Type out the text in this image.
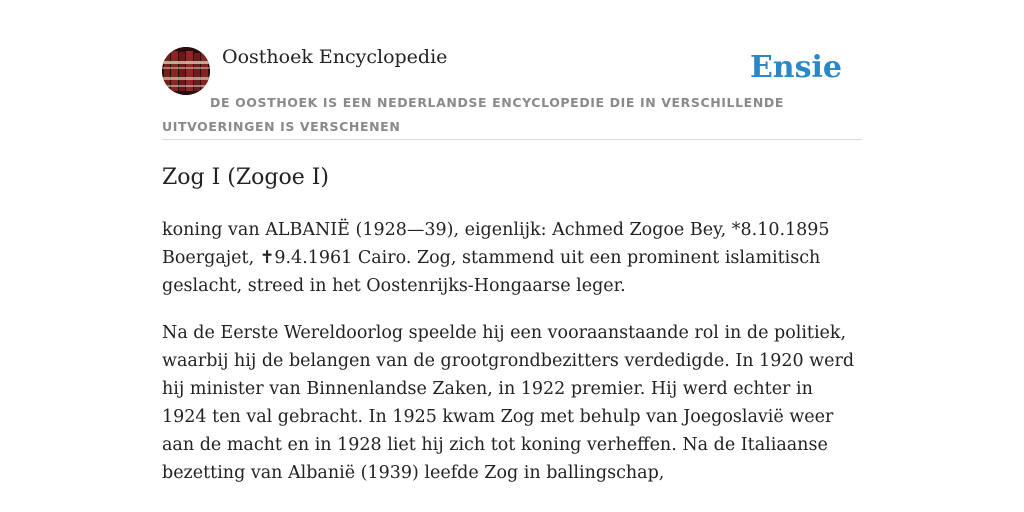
Oosthoek Encyclopedie	Ensie
DE OOSTHOEK IS EEN NEDERLANDSE ENCYCLOPEDIE DIE IN VERSCHILLENDE UITVOERINGEN IS VERSCHENEN
Zog I (Zogoe I)

koning van ALBANIË (1928—39), eigenlijk: Achmed Zogoe Bey, *8.10.1895 Boergajet, ✝9.4.1961 Cairo. Zog, stammend uit een prominent islamitisch geslacht, streed in het Oostenrijks-Hongaarse leger.

Na de Eerste Wereldoorlog speelde hij een vooraanstaande rol in de politiek, waarbij hij de belangen van de grootgrondbezitters verdedigde. In 1920 werd hij minister van Binnenlandse Zaken, in 1922 premier. Hij werd echter in 1924 ten val gebracht. In 1925 kwam Zog met behulp van Joegoslavië weer aan de macht en in 1928 liet hij zich tot koning verheffen. Na de Italiaanse bezetting van Albanië (1939) leefde Zog in ballingschap,
